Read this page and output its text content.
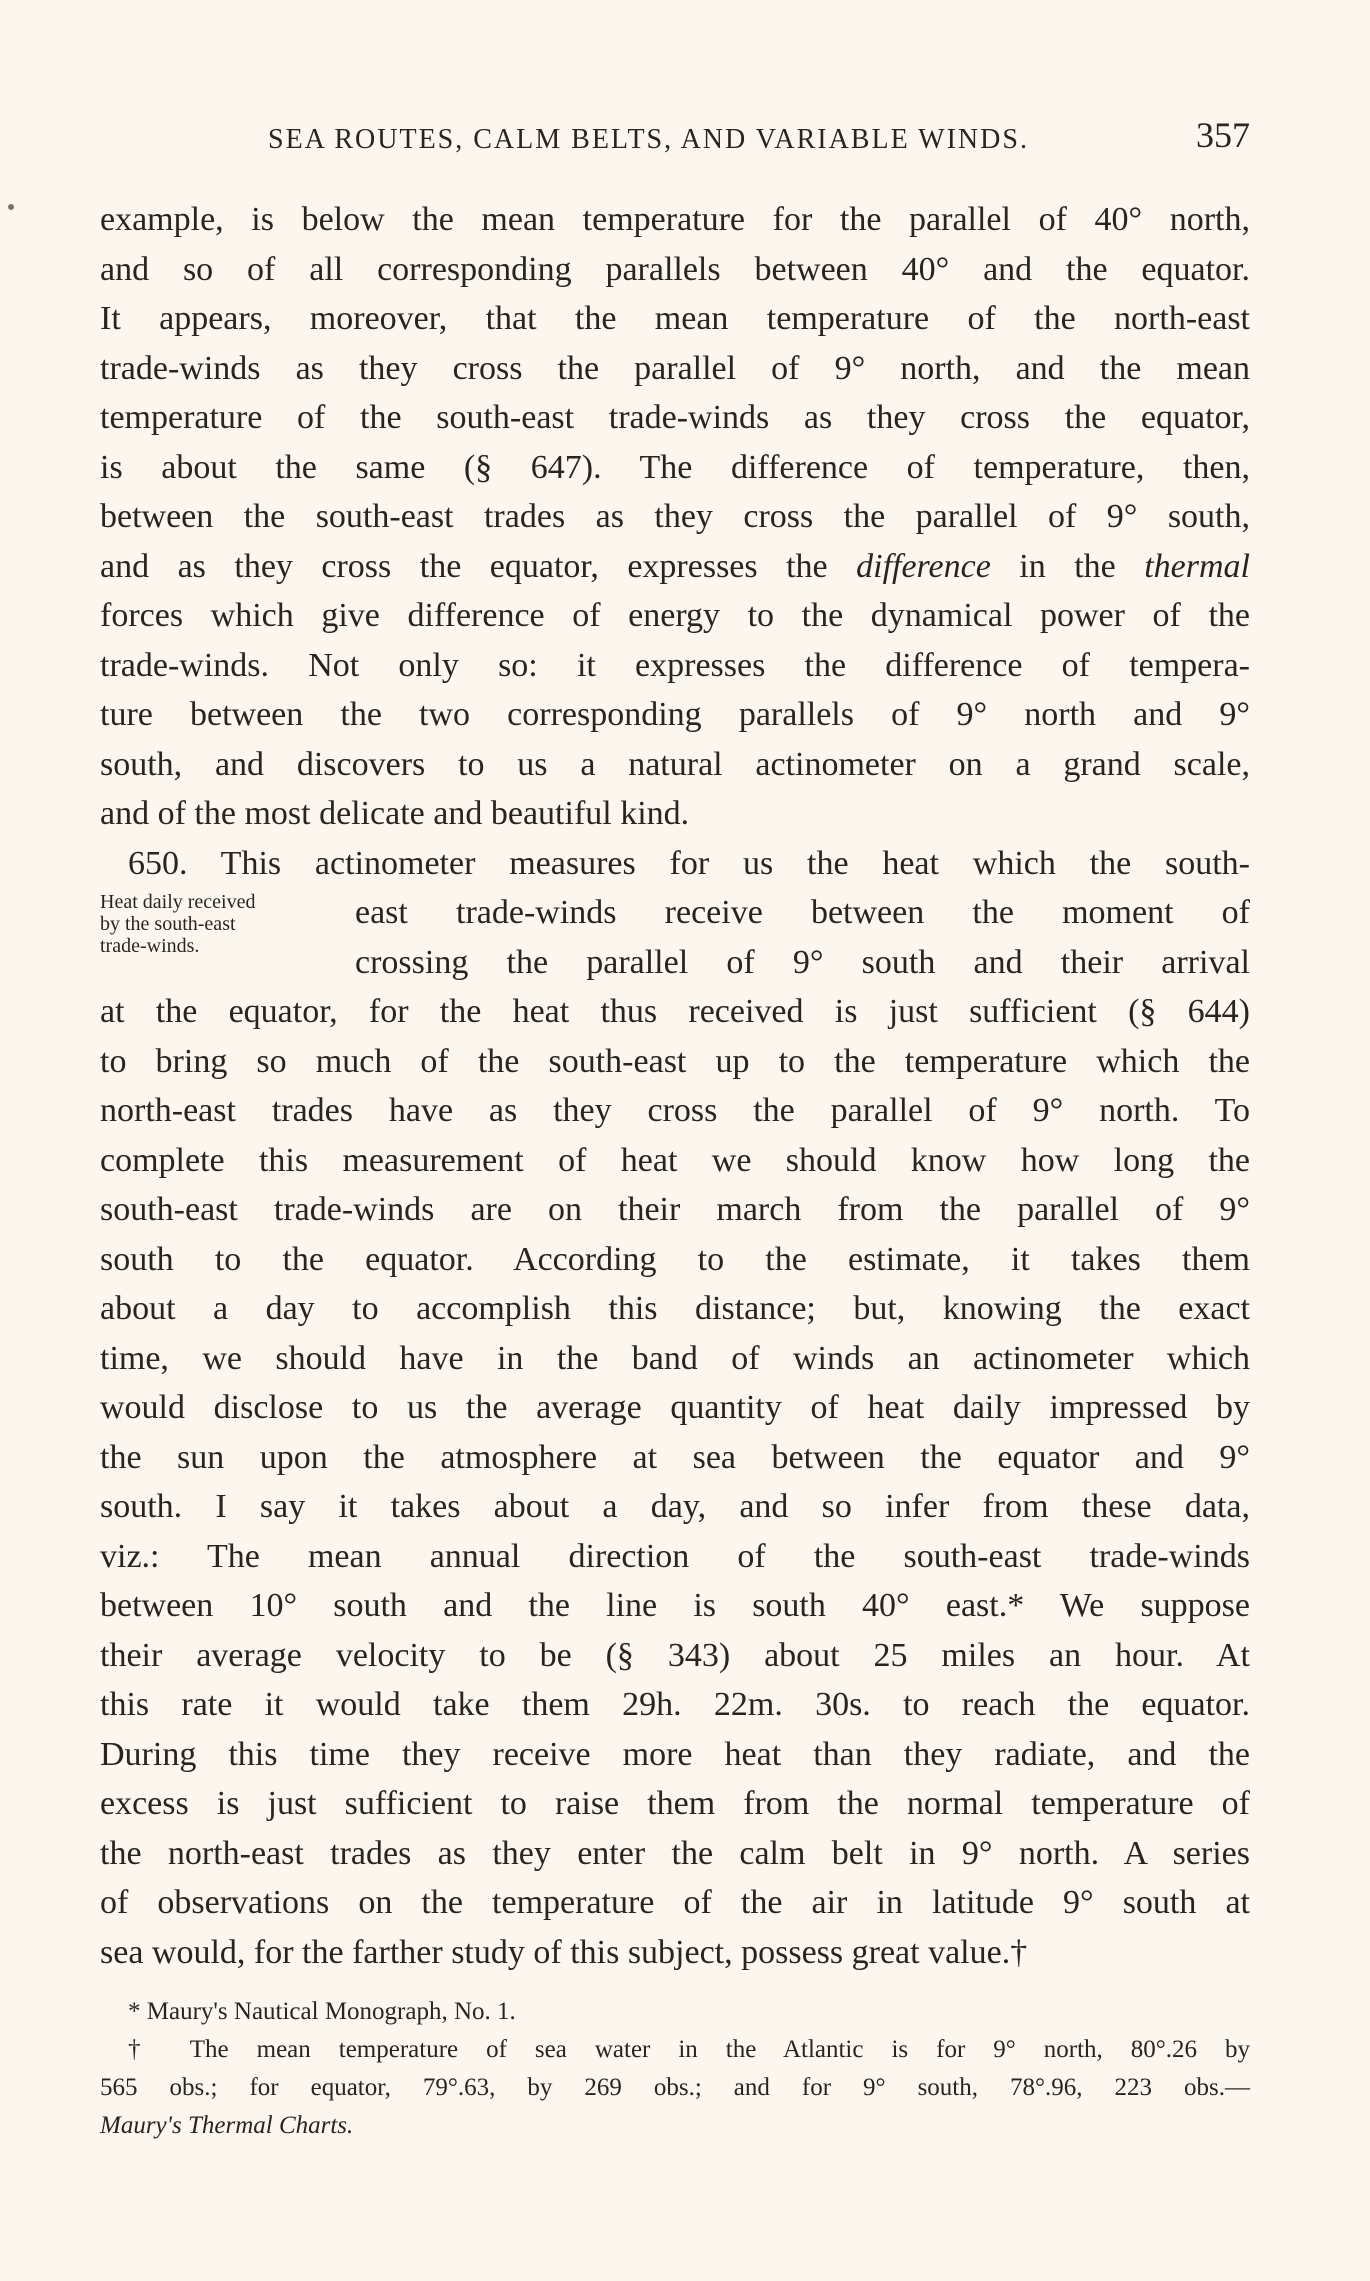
SEA ROUTES, CALM BELTS, AND VARIABLE WINDS.	357
example, is below the mean temperature for the parallel of 40° north,
and so of all corresponding parallels between 40° and the equator.
It appears, moreover, that the mean temperature of the north-east
trade-winds as they cross the parallel of 9° north, and the mean
temperature of the south-east trade-winds as they cross the equator,
is about the same (§ 647). The difference of temperature, then,
between the south-east trades as they cross the parallel of 9° south,
and as they cross the equator, expresses the difference in the thermal
forces which give difference of energy to the dynamical power of the
trade-winds. Not only so: it expresses the difference of tempera-
ture between the two corresponding parallels of 9° north and 9°
south, and discovers to us a natural actinometer on a grand scale,
and of the most delicate and beautiful kind.
650. This actinometer measures for us the heat which the south-
Heat daily received
by the south-east
trade-winds.
east trade-winds receive between the moment of
crossing the parallel of 9° south and their arrival
at the equator, for the heat thus received is just sufficient (§ 644)
to bring so much of the south-east up to the temperature which the
north-east trades have as they cross the parallel of 9° north. To
complete this measurement of heat we should know how long the
south-east trade-winds are on their march from the parallel of 9°
south to the equator. According to the estimate, it takes them
about a day to accomplish this distance; but, knowing the exact
time, we should have in the band of winds an actinometer which
would disclose to us the average quantity of heat daily impressed by
the sun upon the atmosphere at sea between the equator and 9°
south. I say it takes about a day, and so infer from these data,
viz.: The mean annual direction of the south-east trade-winds
between 10° south and the line is south 40° east.* We suppose
their average velocity to be (§ 343) about 25 miles an hour. At
this rate it would take them 29h. 22m. 30s. to reach the equator.
During this time they receive more heat than they radiate, and the
excess is just sufficient to raise them from the normal temperature of
the north-east trades as they enter the calm belt in 9° north. A series
of observations on the temperature of the air in latitude 9° south at
sea would, for the farther study of this subject, possess great value.†
* Maury's Nautical Monograph, No. 1.
† The mean temperature of sea water in the Atlantic is for 9° north, 80°.26 by
565 obs.; for equator, 79°.63, by 269 obs.; and for 9° south, 78°.96, 223 obs.—
Maury's Thermal Charts.
